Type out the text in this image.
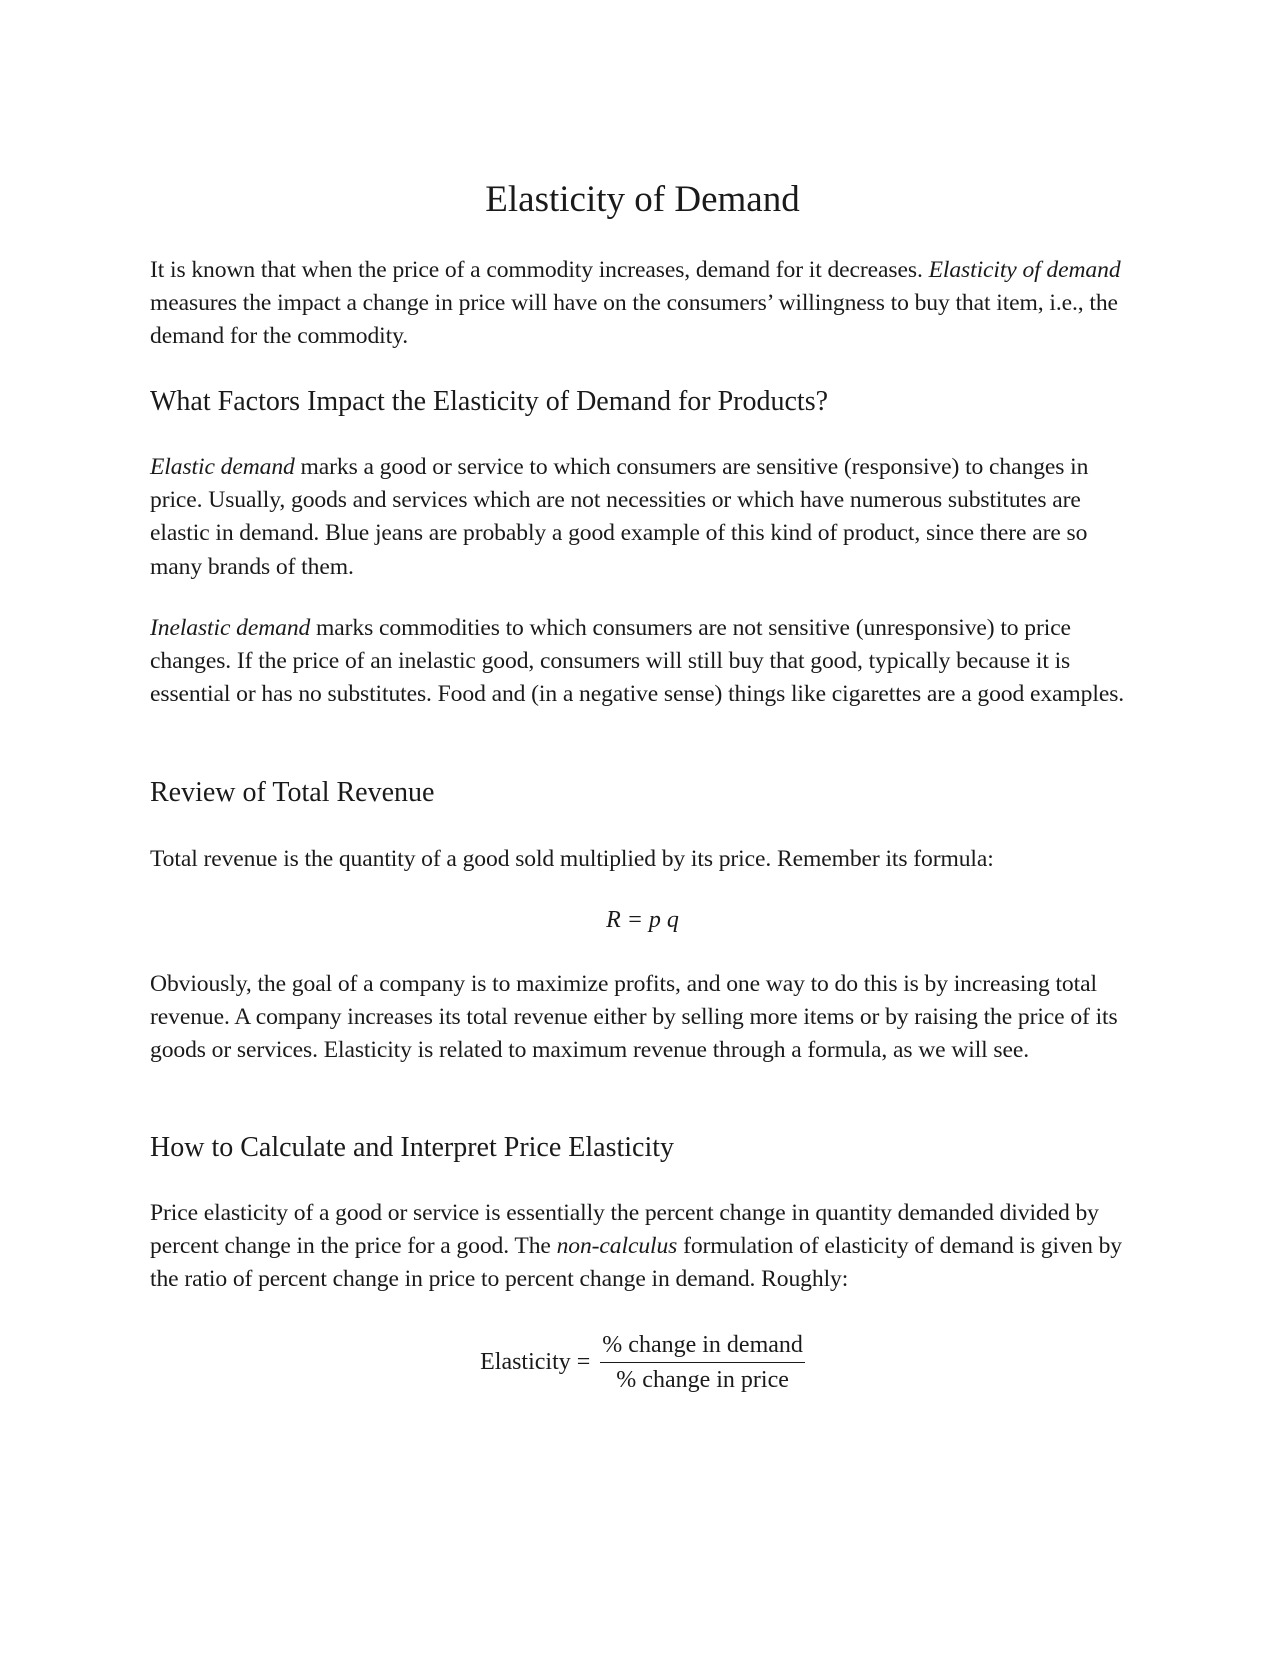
Elasticity of Demand

It is known that when the price of a commodity increases, demand for it decreases. Elasticity of demand measures the impact a change in price will have on the consumers’ willingness to buy that item, i.e., the demand for the commodity.

What Factors Impact the Elasticity of Demand for Products?

Elastic demand marks a good or service to which consumers are sensitive (responsive) to changes in price. Usually, goods and services which are not necessities or which have numerous substitutes are elastic in demand. Blue jeans are probably a good example of this kind of product, since there are so many brands of them.

Inelastic demand marks commodities to which consumers are not sensitive (unresponsive) to price changes. If the price of an inelastic good, consumers will still buy that good, typically because it is essential or has no substitutes. Food and (in a negative sense) things like cigarettes are a good examples.

Review of Total Revenue

Total revenue is the quantity of a good sold multiplied by its price. Remember its formula:

R = p q

Obviously, the goal of a company is to maximize profits, and one way to do this is by increasing total revenue. A company increases its total revenue either by selling more items or by raising the price of its goods or services. Elasticity is related to maximum revenue through a formula, as we will see.

How to Calculate and Interpret Price Elasticity

Price elasticity of a good or service is essentially the percent change in quantity demanded divided by percent change in the price for a good. The non-calculus formulation of elasticity of demand is given by the ratio of percent change in price to percent change in demand. Roughly:

Elasticity = $\frac{\text{\% change in demand}}{\text{\% change in price}}$
